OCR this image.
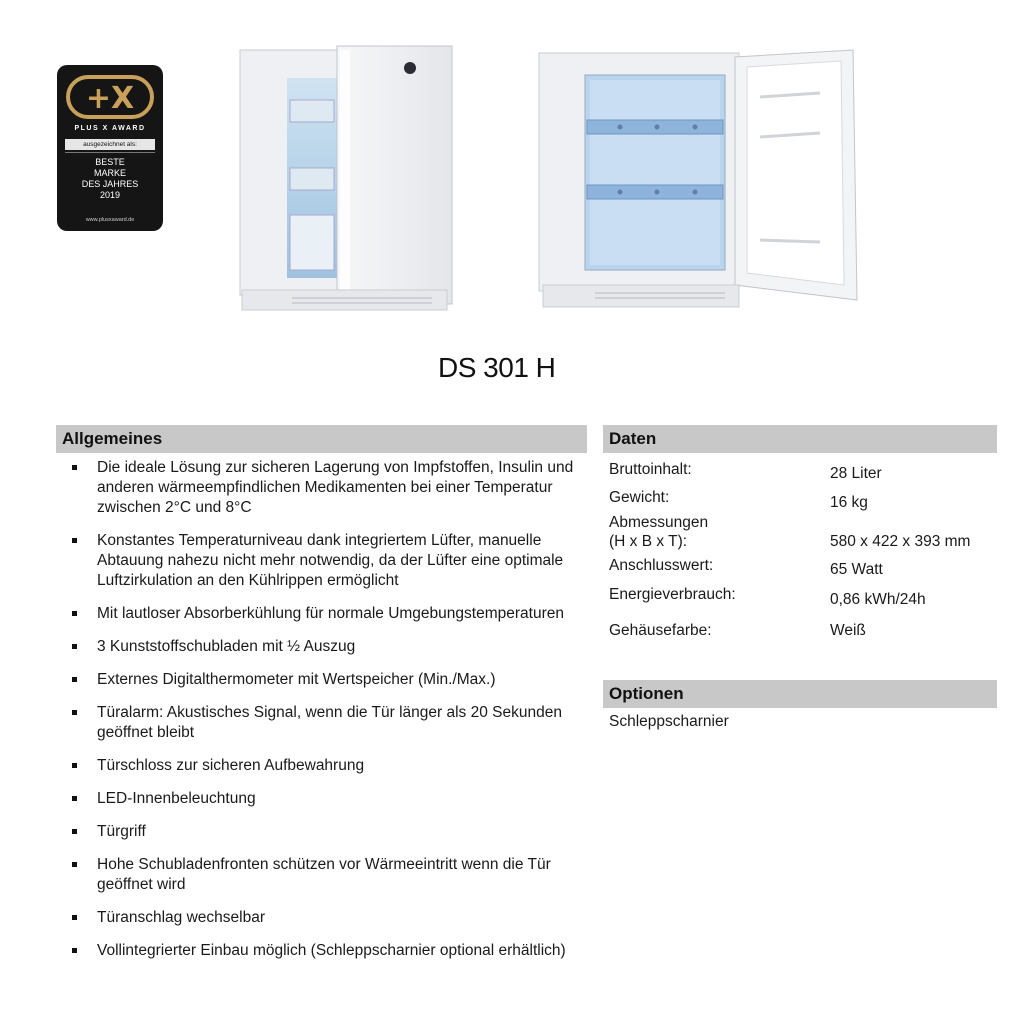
+X
PLUS X AWARD
ausgezeichnet als:
BESTE
MARKE
DES JAHRES
2019
www.plusxaward.de
DS 301 H
Allgemeines
Die ideale Lösung zur sicheren Lagerung von Impfstoffen, Insulin und anderen wärmeempfindlichen Medikamenten bei einer Temperatur zwischen 2°C und 8°C
Konstantes Temperaturniveau dank integriertem Lüfter, manuelle Abtauung nahezu nicht mehr notwendig, da der Lüfter eine optimale Luftzirkulation an den Kühlrippen ermöglicht
Mit lautloser Absorberkühlung für normale Umgebungstemperaturen
3 Kunststoffschubladen mit ½ Auszug
Externes Digitalthermometer mit Wertspeicher (Min./Max.)
Türalarm: Akustisches Signal, wenn die Tür länger als 20 Sekunden geöffnet bleibt
Türschloss zur sicheren Aufbewahrung
LED-Innenbeleuchtung
Türgriff
Hohe Schubladenfronten schützen vor Wärmeeintritt wenn die Tür geöffnet wird
Türanschlag wechselbar
Vollintegrierter Einbau möglich (Schleppscharnier optional erhältlich)
Daten
Bruttoinhalt:	28 Liter
Gewicht:	16 kg
Abmessungen
(H x B x T):	580 x 422 x 393 mm
Anschlusswert:	65 Watt
Energieverbrauch:	0,86 kWh/24h
Gehäusefarbe:	Weiß
Optionen
Schleppscharnier
